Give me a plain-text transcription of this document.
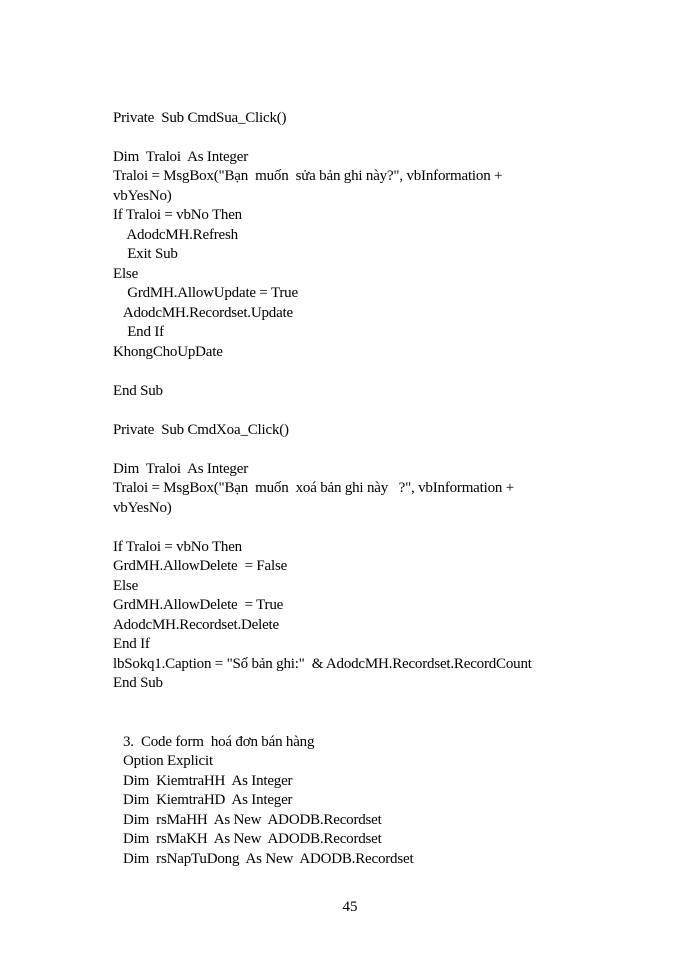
Private  Sub CmdSua_Click()
Dim  Traloi  As Integer
Traloi = MsgBox("Bạn  muốn  sửa bản ghi này?", vbInformation +
vbYesNo)
If Traloi = vbNo Then
AdodcMH.Refresh
Exit Sub
Else
GrdMH.AllowUpdate = True
AdodcMH.Recordset.Update
End If
KhongChoUpDate
End Sub
Private  Sub CmdXoa_Click()
Dim  Traloi  As Integer
Traloi = MsgBox("Bạn  muốn  xoá bản ghi này   ?", vbInformation +
vbYesNo)
If Traloi = vbNo Then
GrdMH.AllowDelete  = False
Else
GrdMH.AllowDelete  = True
AdodcMH.Recordset.Delete
End If
lbSokq1.Caption = "Số bản ghi:"  & AdodcMH.Recordset.RecordCount
End Sub
3.  Code form  hoá đơn bán hàng
Option Explicit
Dim  KiemtraHH  As Integer
Dim  KiemtraHD  As Integer
Dim  rsMaHH  As New  ADODB.Recordset
Dim  rsMaKH  As New  ADODB.Recordset
Dim  rsNapTuDong  As New  ADODB.Recordset
45
